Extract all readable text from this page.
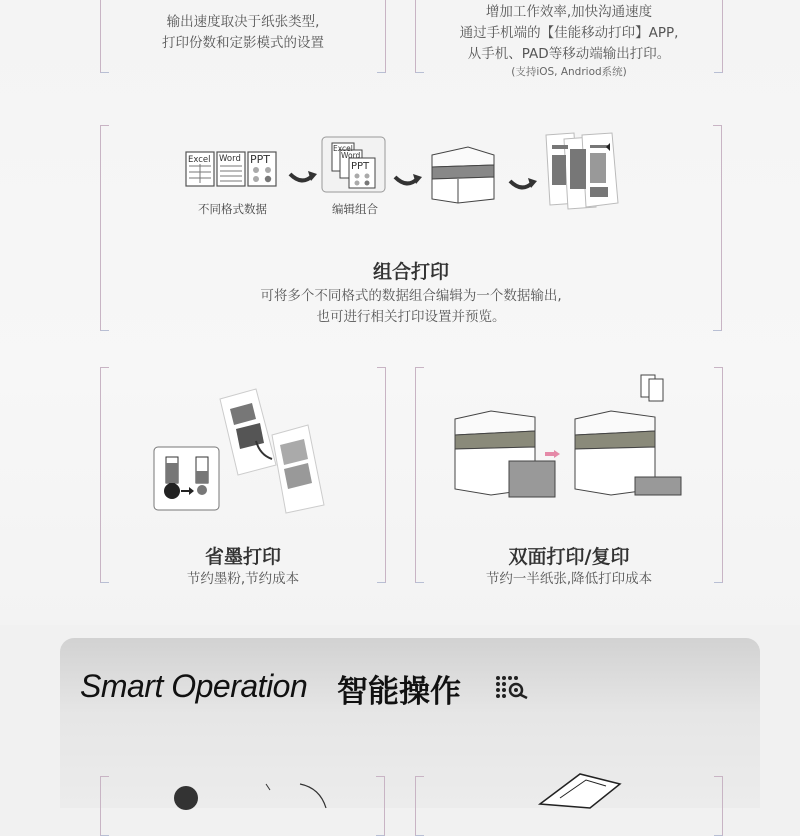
输出速度取决于纸张类型,
打印份数和定影模式的设置
增加工作效率,加快沟通速度
通过手机端的【佳能移动打印】APP,
从手机、PAD等移动端输出打印。
(支持iOS, Andriod系统)
Excel Word PPT
不同格式数据
Excel
Word
PPT
编辑组合
组合打印
可将多个不同格式的数据组合编辑为一个数据输出,
也可进行相关打印设置并预览。
省墨打印
节约墨粉,节约成本
双面打印/复印
节约一半纸张,降低打印成本
Smart Operation 智能操作
